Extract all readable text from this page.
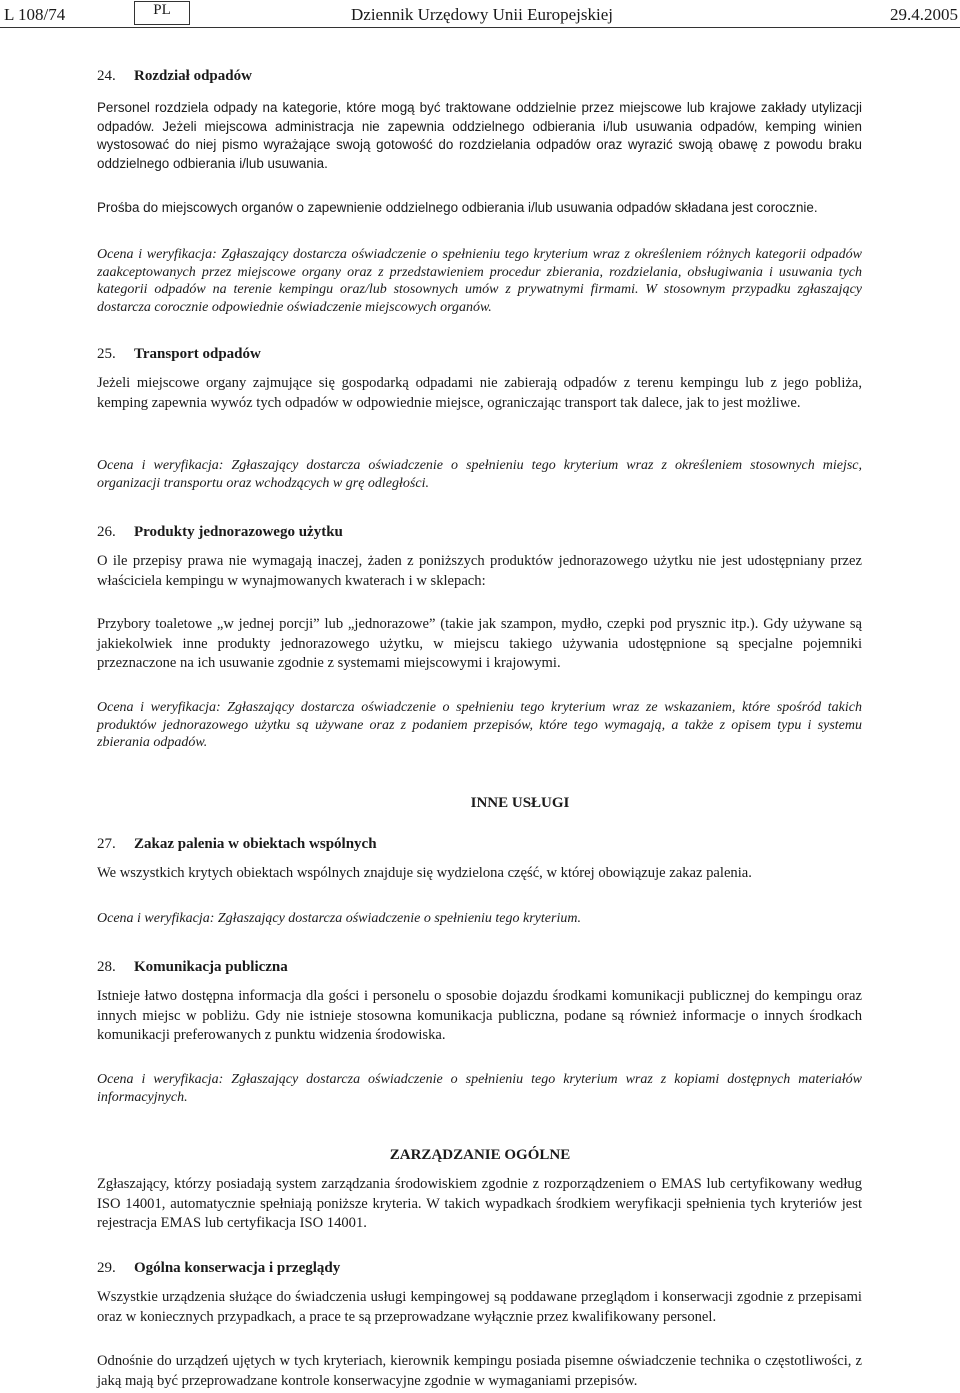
L 108/74	PL	Dziennik Urzędowy Unii Europejskiej	29.4.2005
24. Rozdział odpadów

Personel rozdziela odpady na kategorie, które mogą być traktowane oddzielnie przez miejscowe lub krajowe zakłady utylizacji odpadów. Jeżeli miejscowa administracja nie zapewnia oddzielnego odbierania i/lub usuwania odpadów, kemping winien wystosować do niej pismo wyrażające swoją gotowość do rozdzielania odpadów oraz wyrazić swoją obawę z powodu braku oddzielnego odbierania i/lub usuwania.

Prośba do miejscowych organów o zapewnienie oddzielnego odbierania i/lub usuwania odpadów składana jest corocznie.

Ocena i weryfikacja: Zgłaszający dostarcza oświadczenie o spełnieniu tego kryterium wraz z określeniem różnych kategorii odpadów zaakceptowanych przez miejscowe organy oraz z przedstawieniem procedur zbierania, rozdzielania, obsługiwania i usuwania tych kategorii odpadów na terenie kempingu oraz/lub stosownych umów z prywatnymi firmami. W stosownym przypadku zgłaszający dostarcza corocznie odpowiednie oświadczenie miejscowych organów.

25. Transport odpadów

Jeżeli miejscowe organy zajmujące się gospodarką odpadami nie zabierają odpadów z terenu kempingu lub z jego pobliża, kemping zapewnia wywóz tych odpadów w odpowiednie miejsce, ograniczając transport tak dalece, jak to jest możliwe.

Ocena i weryfikacja: Zgłaszający dostarcza oświadczenie o spełnieniu tego kryterium wraz z określeniem stosownych miejsc, organizacji transportu oraz wchodzących w grę odległości.

26. Produkty jednorazowego użytku

O ile przepisy prawa nie wymagają inaczej, żaden z poniższych produktów jednorazowego użytku nie jest udostępniany przez właściciela kempingu w wynajmowanych kwaterach i w sklepach:

Przybory toaletowe „w jednej porcji” lub „jednorazowe” (takie jak szampon, mydło, czepki pod prysznic itp.). Gdy używane są jakiekolwiek inne produkty jednorazowego użytku, w miejscu takiego używania udostępnione są specjalne pojemniki przeznaczone na ich usuwanie zgodnie z systemami miejscowymi i krajowymi.

Ocena i weryfikacja: Zgłaszający dostarcza oświadczenie o spełnieniu tego kryterium wraz ze wskazaniem, które spośród takich produktów jednorazowego użytku są używane oraz z podaniem przepisów, które tego wymagają, a także z opisem typu i systemu zbierania odpadów.

INNE USŁUGI
27. Zakaz palenia w obiektach wspólnych

We wszystkich krytych obiektach wspólnych znajduje się wydzielona część, w której obowiązuje zakaz palenia.

Ocena i weryfikacja: Zgłaszający dostarcza oświadczenie o spełnieniu tego kryterium.

28. Komunikacja publiczna

Istnieje łatwo dostępna informacja dla gości i personelu o sposobie dojazdu środkami komunikacji publicznej do kempingu oraz innych miejsc w pobliżu. Gdy nie istnieje stosowna komunikacja publiczna, podane są również informacje o innych środkach komunikacji preferowanych z punktu widzenia środowiska.

Ocena i weryfikacja: Zgłaszający dostarcza oświadczenie o spełnieniu tego kryterium wraz z kopiami dostępnych materiałów informacyjnych.

ZARZĄDZANIE OGÓLNE

Zgłaszający, którzy posiadają system zarządzania środowiskiem zgodnie z rozporządzeniem o EMAS lub certyfikowany według ISO 14001, automatycznie spełniają poniższe kryteria. W takich wypadkach środkiem weryfikacji spełnienia tych kryteriów jest rejestracja EMAS lub certyfikacja ISO 14001.

29. Ogólna konserwacja i przeglądy

Wszystkie urządzenia służące do świadczenia usługi kempingowej są poddawane przeglądom i konserwacji zgodnie z przepisami oraz w koniecznych przypadkach, a prace te są przeprowadzane wyłącznie przez kwalifikowany personel.

Odnośnie do urządzeń ujętych w tych kryteriach, kierownik kempingu posiada pisemne oświadczenie technika o częstotliwości, z jaką mają być przeprowadzane kontrole konserwacyjne zgodnie w wymaganiami przepisów.
